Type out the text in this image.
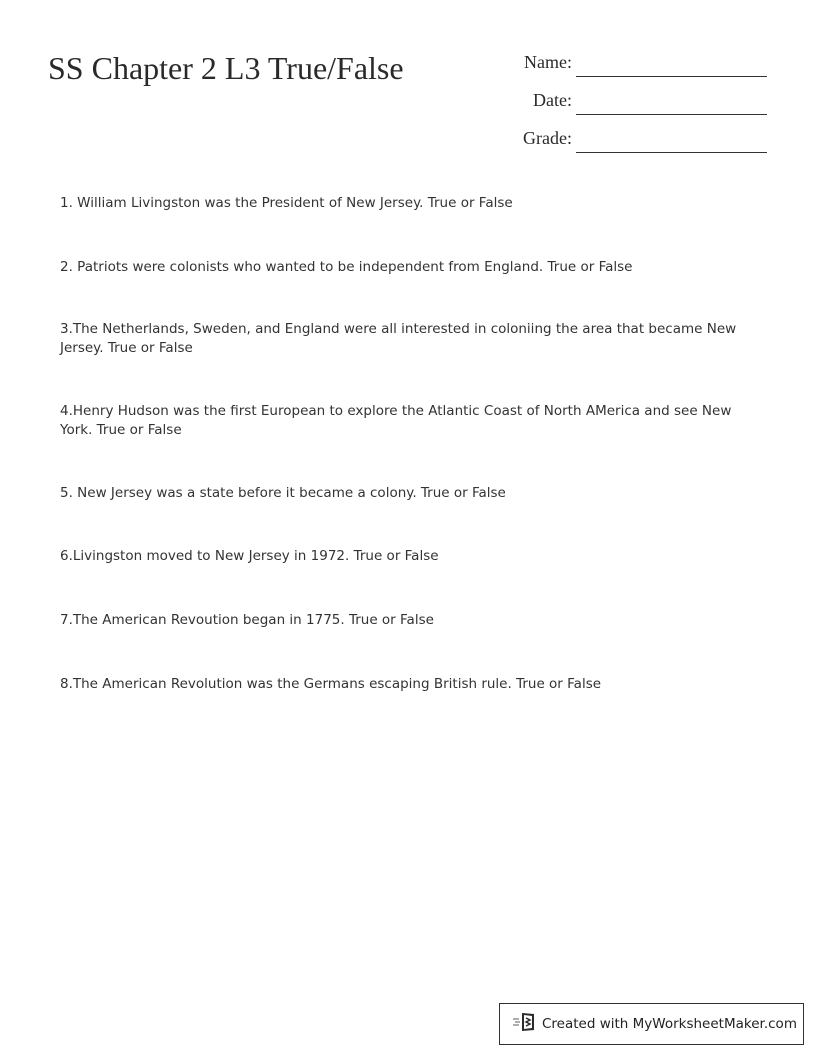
SS Chapter 2 L3 True/False	Name:
Date:
Grade:
1. William Livingston was the President of New Jersey. True or False
2. Patriots were colonists who wanted to be independent from England. True or False
3.The Netherlands, Sweden, and England were all interested in coloniing the area that became New Jersey. True or False
4.Henry Hudson was the first European to explore the Atlantic Coast of North AMerica and see New York. True or False
5. New Jersey was a state before it became a colony. True or False
6.Livingston moved to New Jersey in 1972. True or False
7.The American Revoution began in 1775. True or False
8.The American Revolution was the Germans escaping British rule. True or False
Created with MyWorksheetMaker.com
